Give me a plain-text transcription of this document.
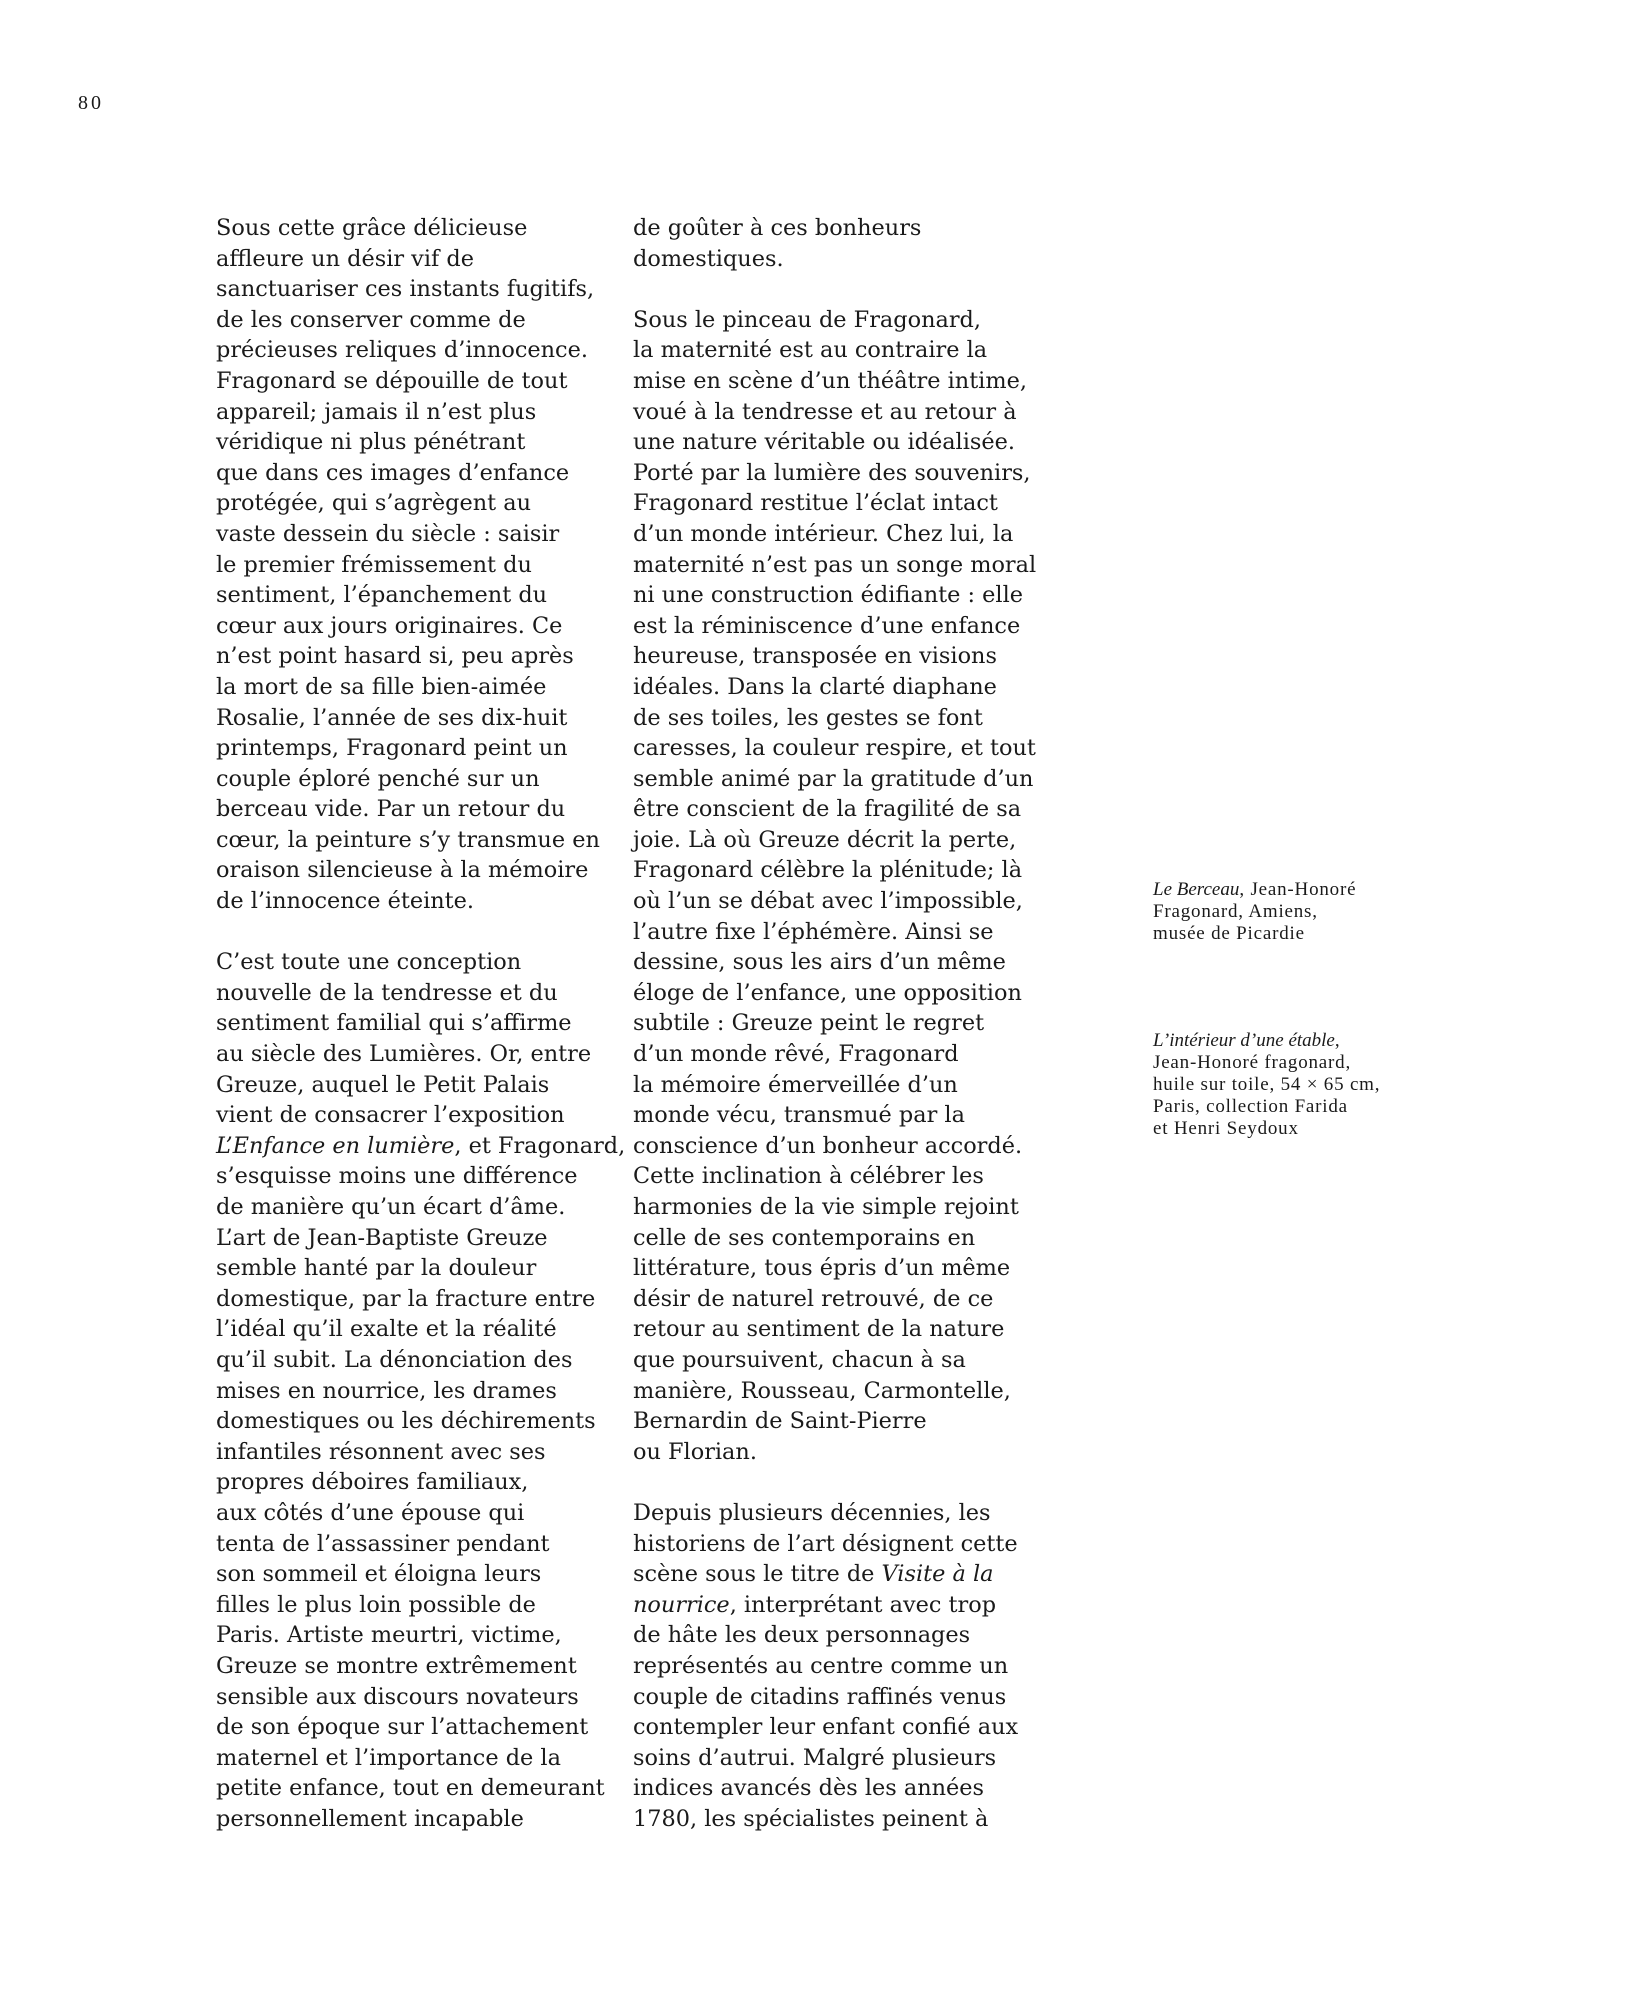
80

Sous cette grâce délicieuse

affleure un désir vif de

sanctuariser ces instants fugitifs,

de les conserver comme de

précieuses reliques d’innocence.

Fragonard se dépouille de tout

appareil; jamais il n’est plus

véridique ni plus pénétrant

que dans ces images d’enfance

protégée, qui s’agrègent au

vaste dessein du siècle : saisir

le premier frémissement du

sentiment, l’épanchement du

cœur aux jours originaires. Ce

n’est point hasard si, peu après

la mort de sa fille bien-aimée

Rosalie, l’année de ses dix-huit

printemps, Fragonard peint un

couple éploré penché sur un

berceau vide. Par un retour du

cœur, la peinture s’y transmue en

oraison silencieuse à la mémoire

de l’innocence éteinte.

C’est toute une conception

nouvelle de la tendresse et du

sentiment familial qui s’affirme

au siècle des Lumières. Or, entre

Greuze, auquel le Petit Palais

vient de consacrer l’exposition

L’Enfance en lumière, et Fragonard,

s’esquisse moins une différence

de manière qu’un écart d’âme.

L’art de Jean-Baptiste Greuze

semble hanté par la douleur

domestique, par la fracture entre

l’idéal qu’il exalte et la réalité

qu’il subit. La dénonciation des

mises en nourrice, les drames

domestiques ou les déchirements

infantiles résonnent avec ses

propres déboires familiaux,

aux côtés d’une épouse qui

tenta de l’assassiner pendant

son sommeil et éloigna leurs

filles le plus loin possible de

Paris. Artiste meurtri, victime,

Greuze se montre extrêmement

sensible aux discours novateurs

de son époque sur l’attachement

maternel et l’importance de la

petite enfance, tout en demeurant

personnellement incapable

de goûter à ces bonheurs

domestiques.

Sous le pinceau de Fragonard,

la maternité est au contraire la

mise en scène d’un théâtre intime,

voué à la tendresse et au retour à

une nature véritable ou idéalisée.

Porté par la lumière des souvenirs,

Fragonard restitue l’éclat intact

d’un monde intérieur. Chez lui, la

maternité n’est pas un songe moral

ni une construction édifiante : elle

est la réminiscence d’une enfance

heureuse, transposée en visions

idéales. Dans la clarté diaphane

de ses toiles, les gestes se font

caresses, la couleur respire, et tout

semble animé par la gratitude d’un

être conscient de la fragilité de sa

joie. Là où Greuze décrit la perte,

Fragonard célèbre la plénitude; là

où l’un se débat avec l’impossible,

l’autre fixe l’éphémère. Ainsi se

dessine, sous les airs d’un même

éloge de l’enfance, une opposition

subtile : Greuze peint le regret

d’un monde rêvé, Fragonard

la mémoire émerveillée d’un

monde vécu, transmué par la

conscience d’un bonheur accordé.

Cette inclination à célébrer les

harmonies de la vie simple rejoint

celle de ses contemporains en

littérature, tous épris d’un même

désir de naturel retrouvé, de ce

retour au sentiment de la nature

que poursuivent, chacun à sa

manière, Rousseau, Carmontelle,

Bernardin de Saint-Pierre

ou Florian.

Depuis plusieurs décennies, les

historiens de l’art désignent cette

scène sous le titre de Visite à la

nourrice, interprétant avec trop

de hâte les deux personnages

représentés au centre comme un

couple de citadins raffinés venus

contempler leur enfant confié aux

soins d’autrui. Malgré plusieurs

indices avancés dès les années

1780, les spécialistes peinent à

Le Berceau, Jean-Honoré
Fragonard, Amiens,
musée de Picardie
L’intérieur d’une étable,
Jean-Honoré fragonard,
huile sur toile, 54 × 65 cm,
Paris, collection Farida
et Henri Seydoux
